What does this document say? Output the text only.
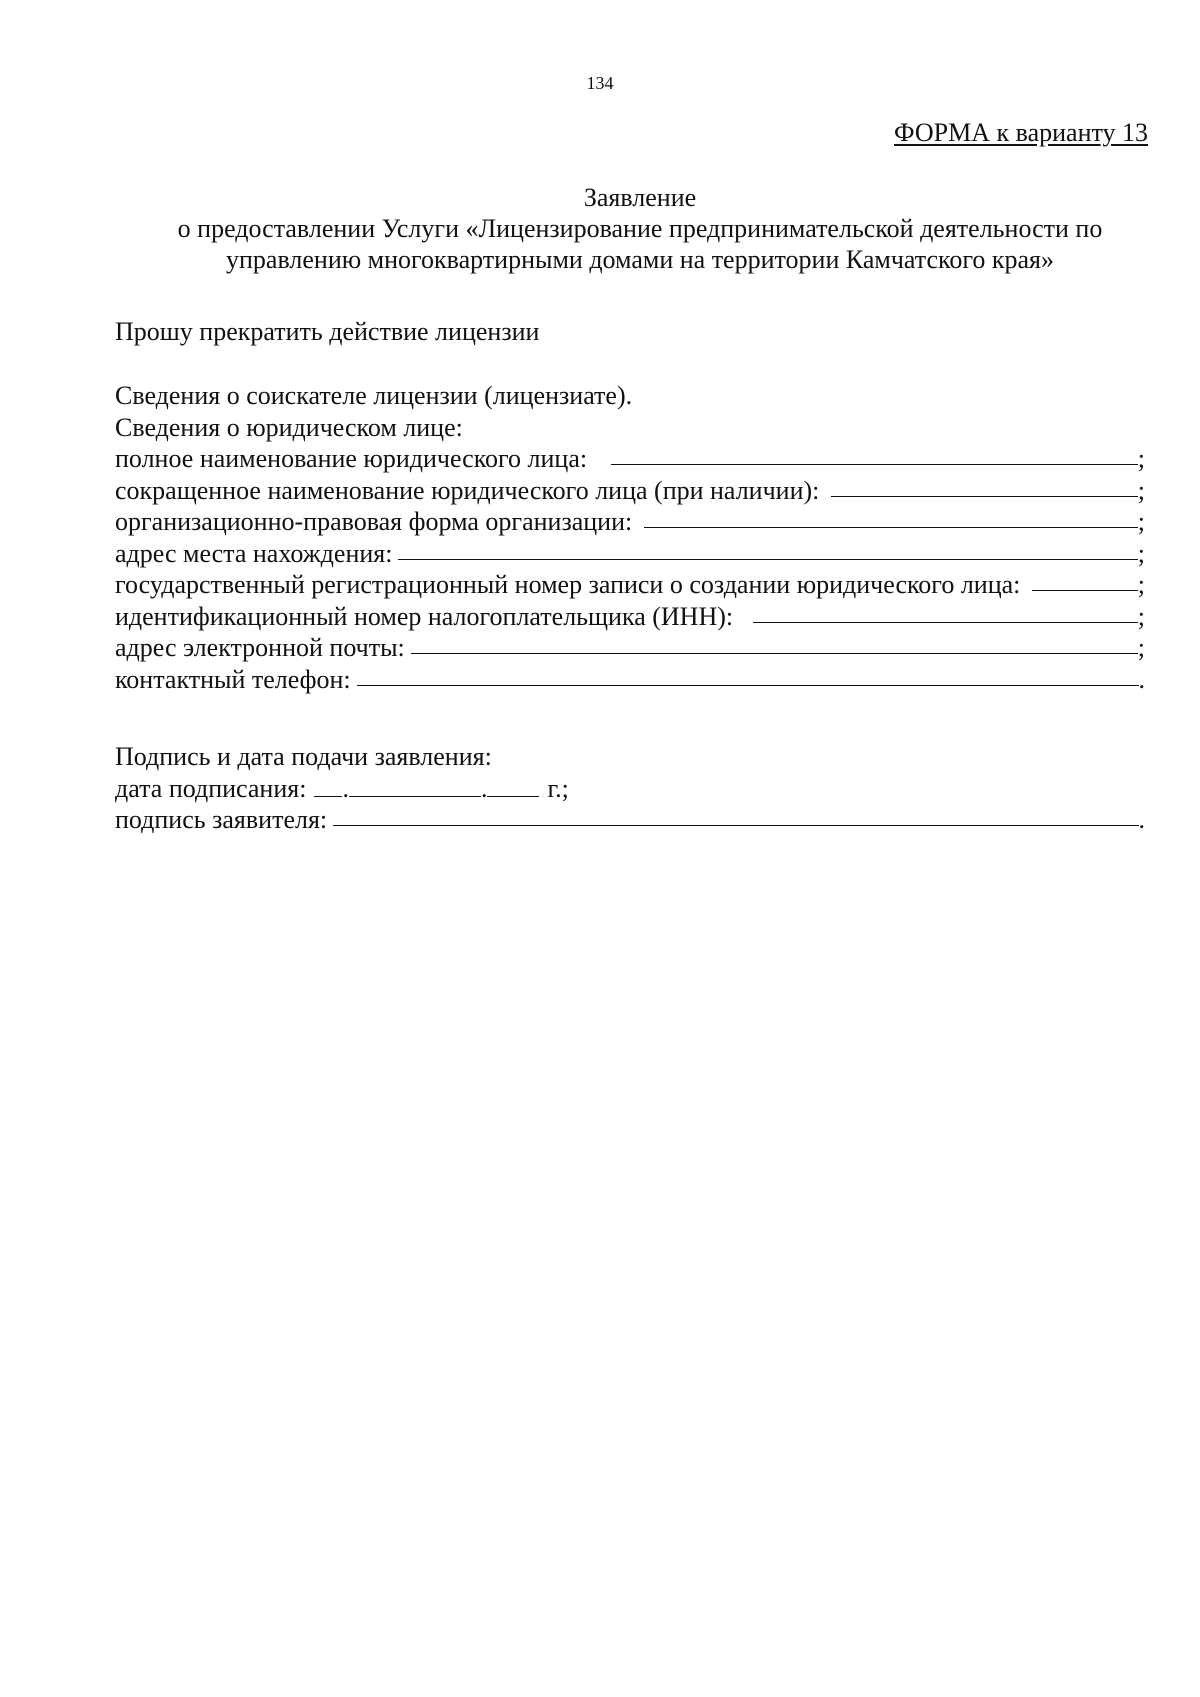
134
ФОРМА к варианту 13
Заявление
о предоставлении Услуги «Лицензирование предпринимательской деятельности по
управлению многоквартирными домами на территории Камчатского края»
Прошу прекратить действие лицензии
Сведения о соискателе лицензии (лицензиате).
Сведения о юридическом лице:
полное наименование юридического лица:	;
сокращенное наименование юридического лица (при наличии):	;
организационно-правовая форма организации:	;
адрес места нахождения:	;
государственный регистрационный номер записи о создании юридического лица:	;
идентификационный номер налогоплательщика (ИНН):	;
адрес электронной почты:	;
контактный телефон:	.
Подпись и дата подачи заявления:
дата подписания: .	. г.;
подпись заявителя:	.
